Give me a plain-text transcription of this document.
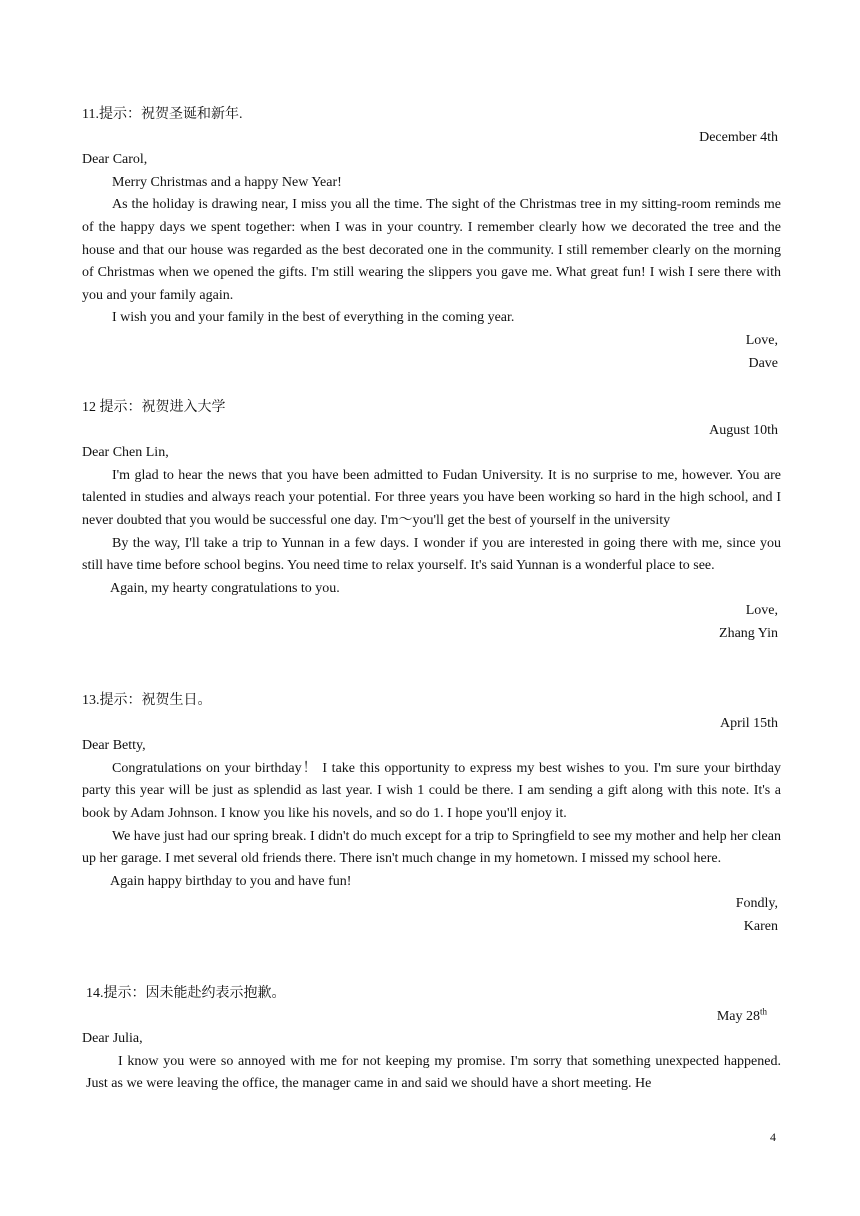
11.提示：祝贺圣诞和新年.
December 4th
Dear Carol,
Merry Christmas and a happy New Year!

As the holiday is drawing near, I miss you all the time. The sight of the Christmas tree in my sitting-room reminds me of the happy days we spent together: when I was in your country. I remember clearly how we decorated the tree and the house and that our house was regarded as the best decorated one in the community. I still remember clearly on the morning of Christmas when we opened the gifts. I'm still wearing the slippers you gave me. What great fun! I wish I sere there with you and your family again.

I wish you and your family in the best of everything in the coming year.
Love,
Dave
12 提示：祝贺进入大学
August 10th
Dear Chen Lin,

I'm glad to hear the news that you have been admitted to Fudan University. It is no surprise to me, however. You are talented in studies and always reach your potential. For three years you have been working so hard in the high school, and I never doubted that you would be successful one day. I'm～you'll get the best of yourself in the university

By the way, I'll take a trip to Yunnan in a few days. I wonder if you are interested in going there with me, since you still have time before school begins. You need time to relax yourself. It's said Yunnan is a wonderful place to see.

Again, my hearty congratulations to you.
Love,
Zhang Yin
13.提示：祝贺生日。
April 15th
Dear Betty,

Congratulations on your birthday！ I take this opportunity to express my best wishes to you. I'm sure your birthday party this year will be just as splendid as last year. I wish 1 could be there. I am sending a gift along with this note. It's a book by Adam Johnson. I know you like his novels, and so do 1. I hope you'll enjoy it.

We have just had our spring break. I didn't do much except for a trip to Springfield to see my mother and help her clean up her garage. I met several old friends there. There isn't much change in my hometown. I missed my school here.

Again happy birthday to you and have fun!
Fondly,
Karen
14.提示：因未能赴约表示抱歉。
May 28th
Dear Julia,

I know you were so annoyed with me for not keeping my promise. I'm sorry that something unexpected happened. Just as we were leaving the office, the manager came in and said we should have a short meeting. He

4
